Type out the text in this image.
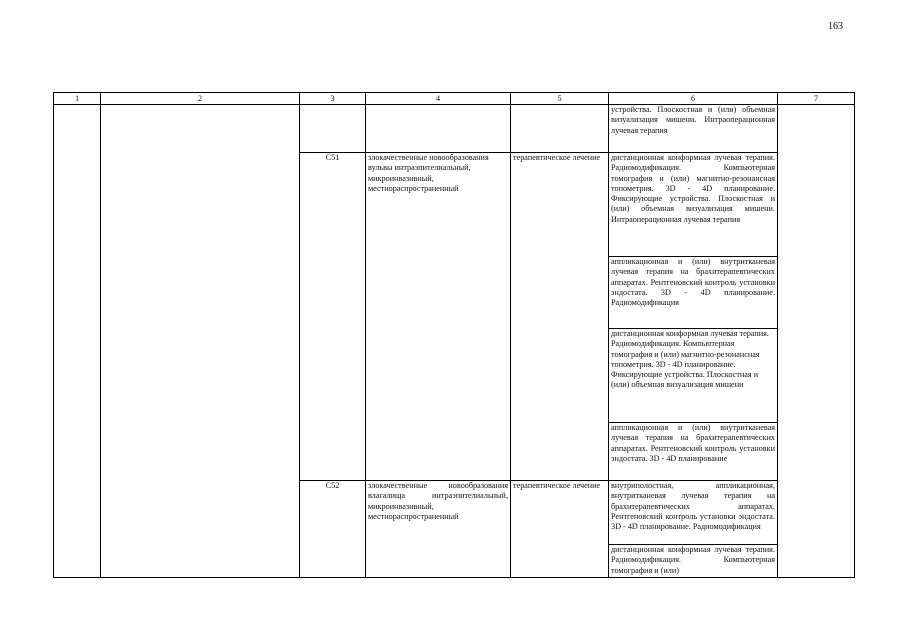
163
1	2	3	4	5	6	7
					устройства. Плоскостная и (или) объемная визуализация мишени. Интраоперационная лучевая терапия	
		C51	злокачественные новообразования вульвы интраэпителиальный, микроинвазивный, местнораспространенный	терапевтическое лечение	дистанционная конформная лучевая терапия. Радиомодификация. Компьютерная томография и (или) магнитно-резонансная топометрия. 3D - 4D планирование. Фиксирующие устройства. Плоскостная и (или) объемная визуализация мишени. Интраоперационная лучевая терапия	
					аппликационная и (или) внутритканевая лучевая терапия на брахитерапевтических аппаратах. Рентгеновский контроль установки эндостата. 3D - 4D планирование. Радиомодификация	
					дистанционная конформная лучевая терапия. Радиомодификация. Компьютерная томография и (или) магнитно-резонансная топометрия. 3D - 4D планирование. Фиксирующие устройства. Плоскостная и (или) объемная визуализация мишени	
					аппликационная и (или) внутритканевая лучевая терапия на брахитерапевтических аппаратах. Рентгеновский контроль установки эндостата. 3D - 4D планирование	
		C52	злокачественные новообразования влагалища интраэпителиальный, микроинвазивный, местнораспространенный	терапевтическое лечение	внутриполостная, аппликационная, внутритканевая лучевая терапия на брахитерапевтических аппаратах. Рентгеновский контроль установки эндостата. 3D - 4D планирование. Радиомодификация	
					дистанционная конформная лучевая терапия. Радиомодификация. Компьютерная томография и (или)	
